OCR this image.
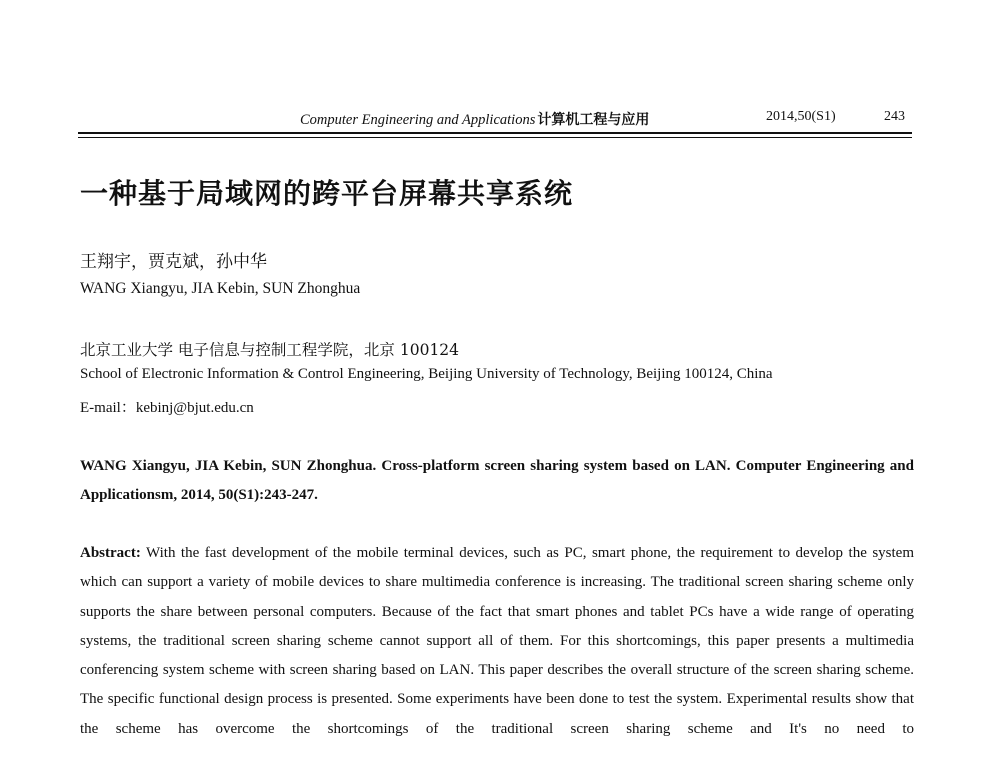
Computer Engineering and Applications 计算机工程与应用	2014,50(S1)	243
一种基于局域网的跨平台屏幕共享系统
王翔宇，贾克斌，孙中华
WANG Xiangyu, JIA Kebin, SUN Zhonghua
北京工业大学 电子信息与控制工程学院，北京 100124
School of Electronic Information & Control Engineering, Beijing University of Technology, Beijing 100124, China
E-mail：kebinj@bjut.edu.cn
WANG Xiangyu, JIA Kebin, SUN Zhonghua. Cross-platform screen sharing system based on LAN. Computer Engineering and Applicationsm, 2014, 50(S1):243-247.
Abstract: With the fast development of the mobile terminal devices, such as PC, smart phone, the requirement to develop the system which can support a variety of mobile devices to share multimedia conference is increasing. The traditional screen sharing scheme only supports the share between personal computers. Because of the fact that smart phones and tablet PCs have a wide range of operating systems, the traditional screen sharing scheme cannot support all of them. For this shortcomings, this paper presents a multimedia conferencing system scheme with screen sharing based on LAN. This paper describes the overall structure of the screen sharing scheme. The specific functional design process is presented. Some experiments have been done to test the system. Experimental results show that the scheme has overcome the shortcomings of the traditional screen sharing scheme and It's no need to
